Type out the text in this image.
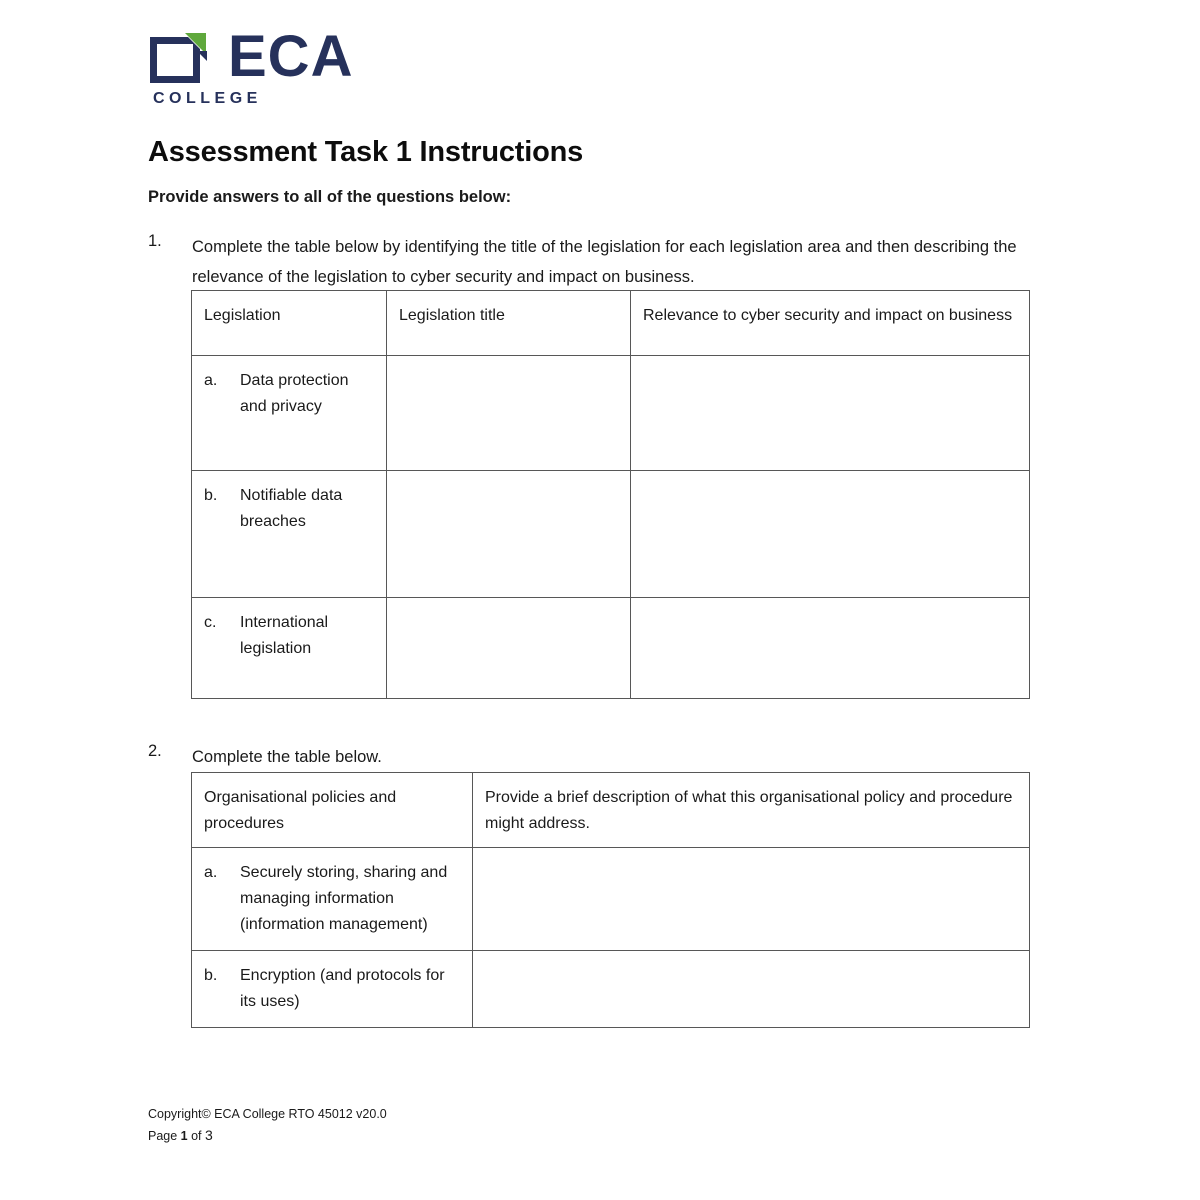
ECA
COLLEGE
Assessment Task 1 Instructions
Provide answers to all of the questions below:
1.	Complete the table below by identifying the title of the legislation for each legislation area and then describing the relevance of the legislation to cyber security and impact on business.
Legislation	Legislation title	Relevance to cyber security and impact on business

a. Data protection and privacy		

b. Notifiable data breaches		

c. International legislation		

2.	Complete the table below.
Organisational policies and procedures	Provide a brief description of what this organisational policy and procedure might address.

a. Securely storing, sharing and managing information (information management)	

b. Encryption (and protocols for its uses)	

Copyright© ECA College RTO 45012 v20.0
Page 1 of 3
